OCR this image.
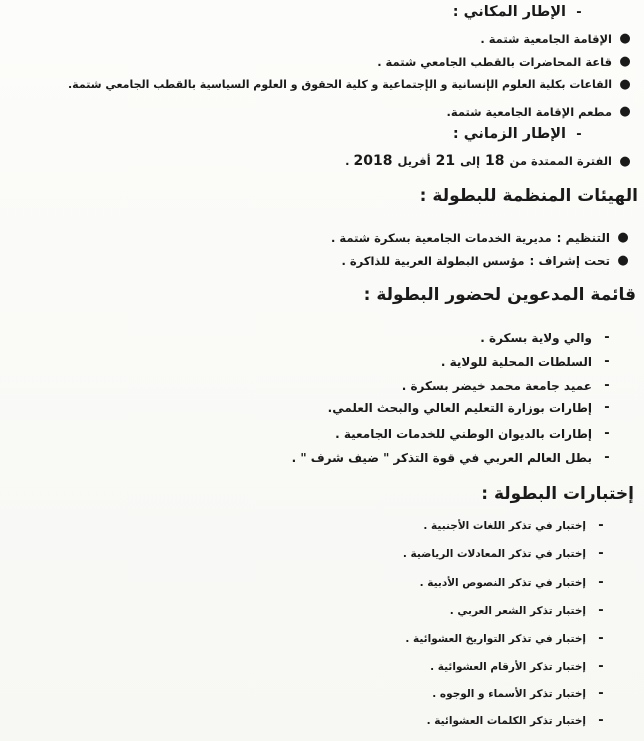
-
الإطار المكاني :
●
الإقامة الجامعية شتمة .
●
قاعة المحاضرات بالقطب الجامعي شتمة .
●
القاعات بكلية العلوم الإنسانية و الإجتماعية و كلية الحقوق و العلوم السياسية بالقطب الجامعي شتمة.
●
مطعم الإقامة الجامعية شتمة.
-
الإطار الزماني :
●
الفترة الممتدة من
18
إلى
21
أفريل
2018
.
الهيئات المنظمة للبطولة :
●
التنظيم :
مديرية الخدمات الجامعية بسكرة شتمة .
●
تحت إشراف :
مؤسس البطولة العربية للذاكرة .
قائمة المدعوين لحضور البطولة :
-
والي ولاية بسكرة .
-
السلطات المحلية للولاية .
-
عميد جامعة محمد خيضر بسكرة .
-
إطارات بوزارة التعليم العالي والبحث العلمي.
-
إطارات بالديوان الوطني للخدمات الجامعية .
-
بطل العالم العربي في قوة التذكر " ضيف شرف " .
إختبارات البطولة :
-
إختبار في تذكر اللغات الأجنبية .
-
إختبار في تذكر المعادلات الرياضية .
-
إختبار في تذكر النصوص الأدبية .
-
إختبار تذكر الشعر العربي .
-
إختبار في تذكر التواريخ العشوائية .
-
إختبار تذكر الأرقام العشوائية .
-
إختبار تذكر الأسماء و الوجوه .
-
إختبار تذكر الكلمات العشوائية .
